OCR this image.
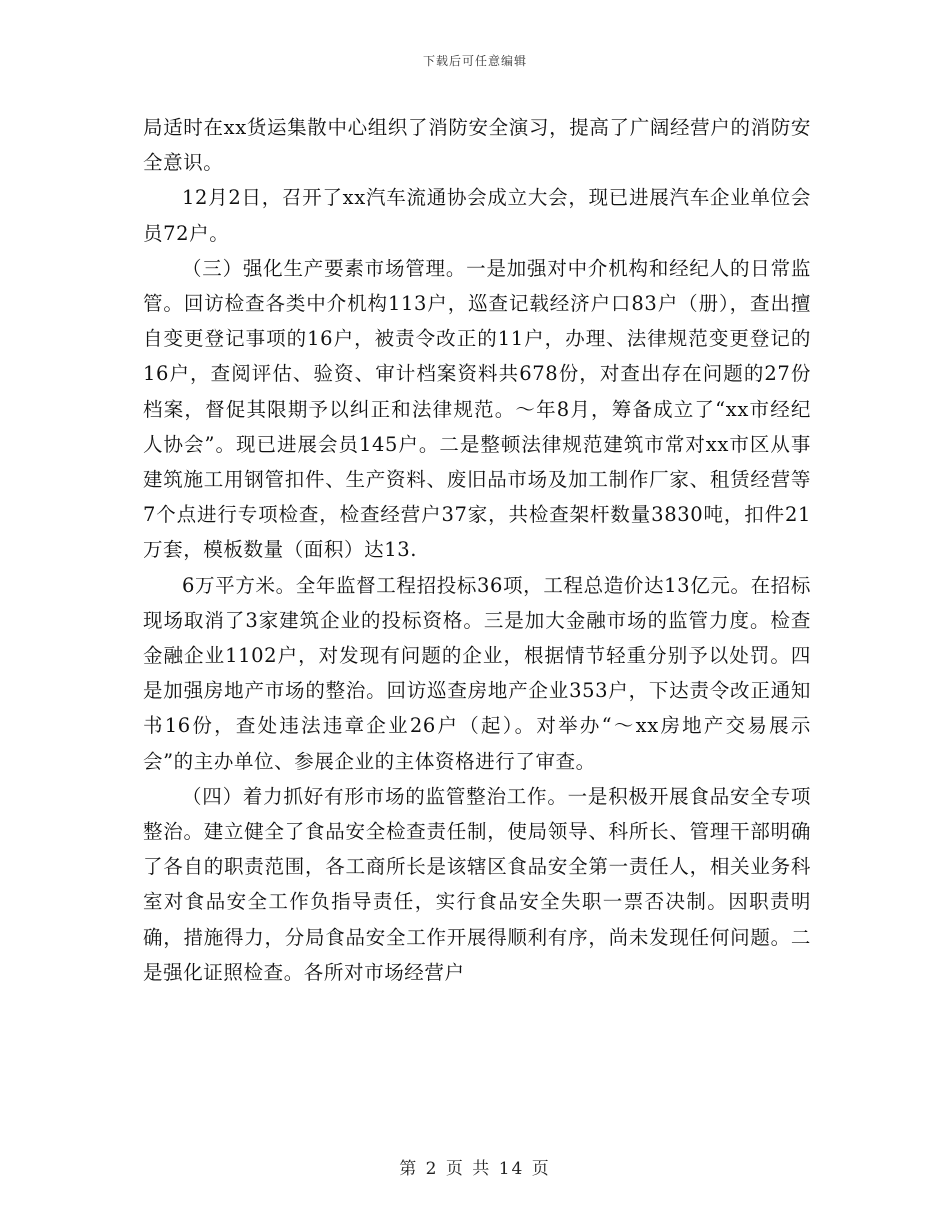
下载后可任意编辑

局适时在xx货运集散中心组织了消防安全演习，提高了广阔经营户的消防安全意识。

12月2日，召开了xx汽车流通协会成立大会，现已进展汽车企业单位会员72户。

（三）强化生产要素市场管理。一是加强对中介机构和经纪人的日常监管。回访检查各类中介机构113户，巡查记载经济户口83户（册），查出擅自变更登记事项的16户，被责令改正的11户，办理、法律规范变更登记的16户，查阅评估、验资、审计档案资料共678份，对查出存在问题的27份档案，督促其限期予以纠正和法律规范。～年8月，筹备成立了“xx市经纪人协会”。现已进展会员145户。二是整顿法律规范建筑市常对xx市区从事建筑施工用钢管扣件、生产资料、废旧品市场及加工制作厂家、租赁经营等7个点进行专项检查，检查经营户37家，共检查架杆数量3830吨，扣件21万套，模板数量（面积）达13.

6万平方米。全年监督工程招投标36项，工程总造价达13亿元。在招标现场取消了3家建筑企业的投标资格。三是加大金融市场的监管力度。检查金融企业1102户，对发现有问题的企业，根据情节轻重分别予以处罚。四是加强房地产市场的整治。回访巡查房地产企业353户，下达责令改正通知书16份，查处违法违章企业26户（起）。对举办“～xx房地产交易展示会”的主办单位、参展企业的主体资格进行了审查。

（四）着力抓好有形市场的监管整治工作。一是积极开展食品安全专项整治。建立健全了食品安全检查责任制，使局领导、科所长、管理干部明确了各自的职责范围，各工商所长是该辖区食品安全第一责任人，相关业务科室对食品安全工作负指导责任，实行食品安全失职一票否决制。因职责明确，措施得力，分局食品安全工作开展得顺利有序，尚未发现任何问题。二是强化证照检查。各所对市场经营户

第 2 页 共 14 页
